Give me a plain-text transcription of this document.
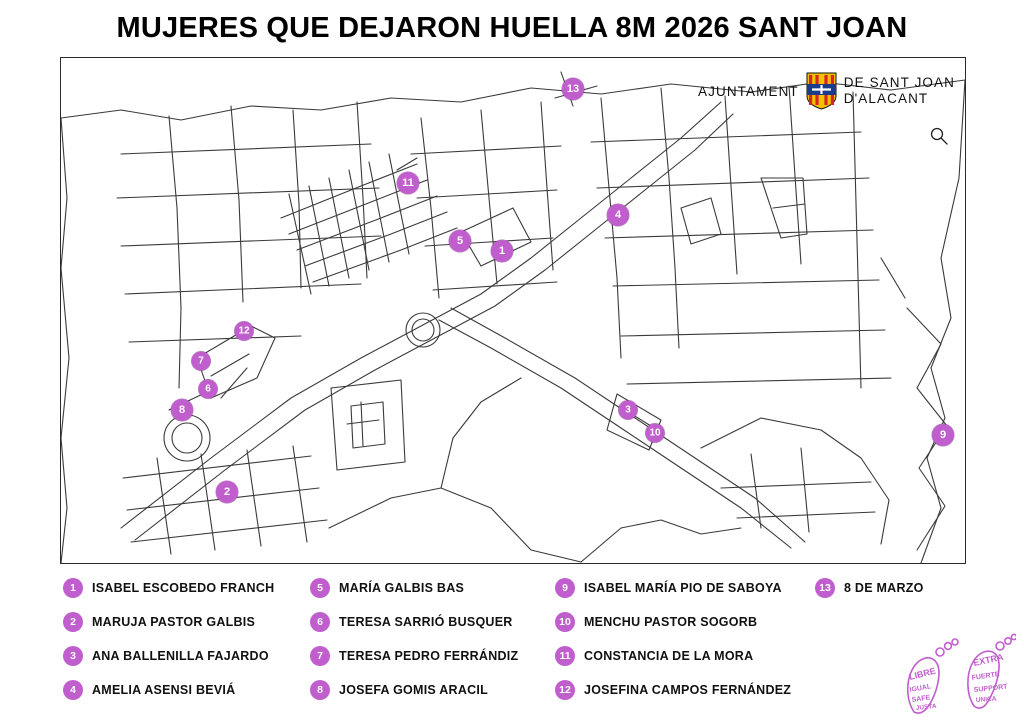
MUJERES QUE DEJARON HUELLA 8M 2026 SANT JOAN
AJUNTAMENT
DE SANT JOAN
D'ALACANT
13
11
4
5
1
12
7
6
8	3
10	9
2
1	ISABEL ESCOBEDO FRANCH
2	MARUJA PASTOR GALBIS
3	ANA BALLENILLA FAJARDO
4	AMELIA ASENSI BEVIÁ
5	MARÍA GALBIS BAS
6	TERESA SARRIÓ BUSQUER
7	TERESA PEDRO FERRÁNDIZ
8	JOSEFA GOMIS ARACIL
9	ISABEL MARÍA PIO DE SABOYA
10	MENCHU PASTOR SOGORB
11	CONSTANCIA DE LA MORA
12	JOSEFINA CAMPOS FERNÁNDEZ
13	8 DE MARZO
LIBRE
IGUAL
SAFE
JUSTA
EXTRA
FUERTE
SUPPORT
UNICA
